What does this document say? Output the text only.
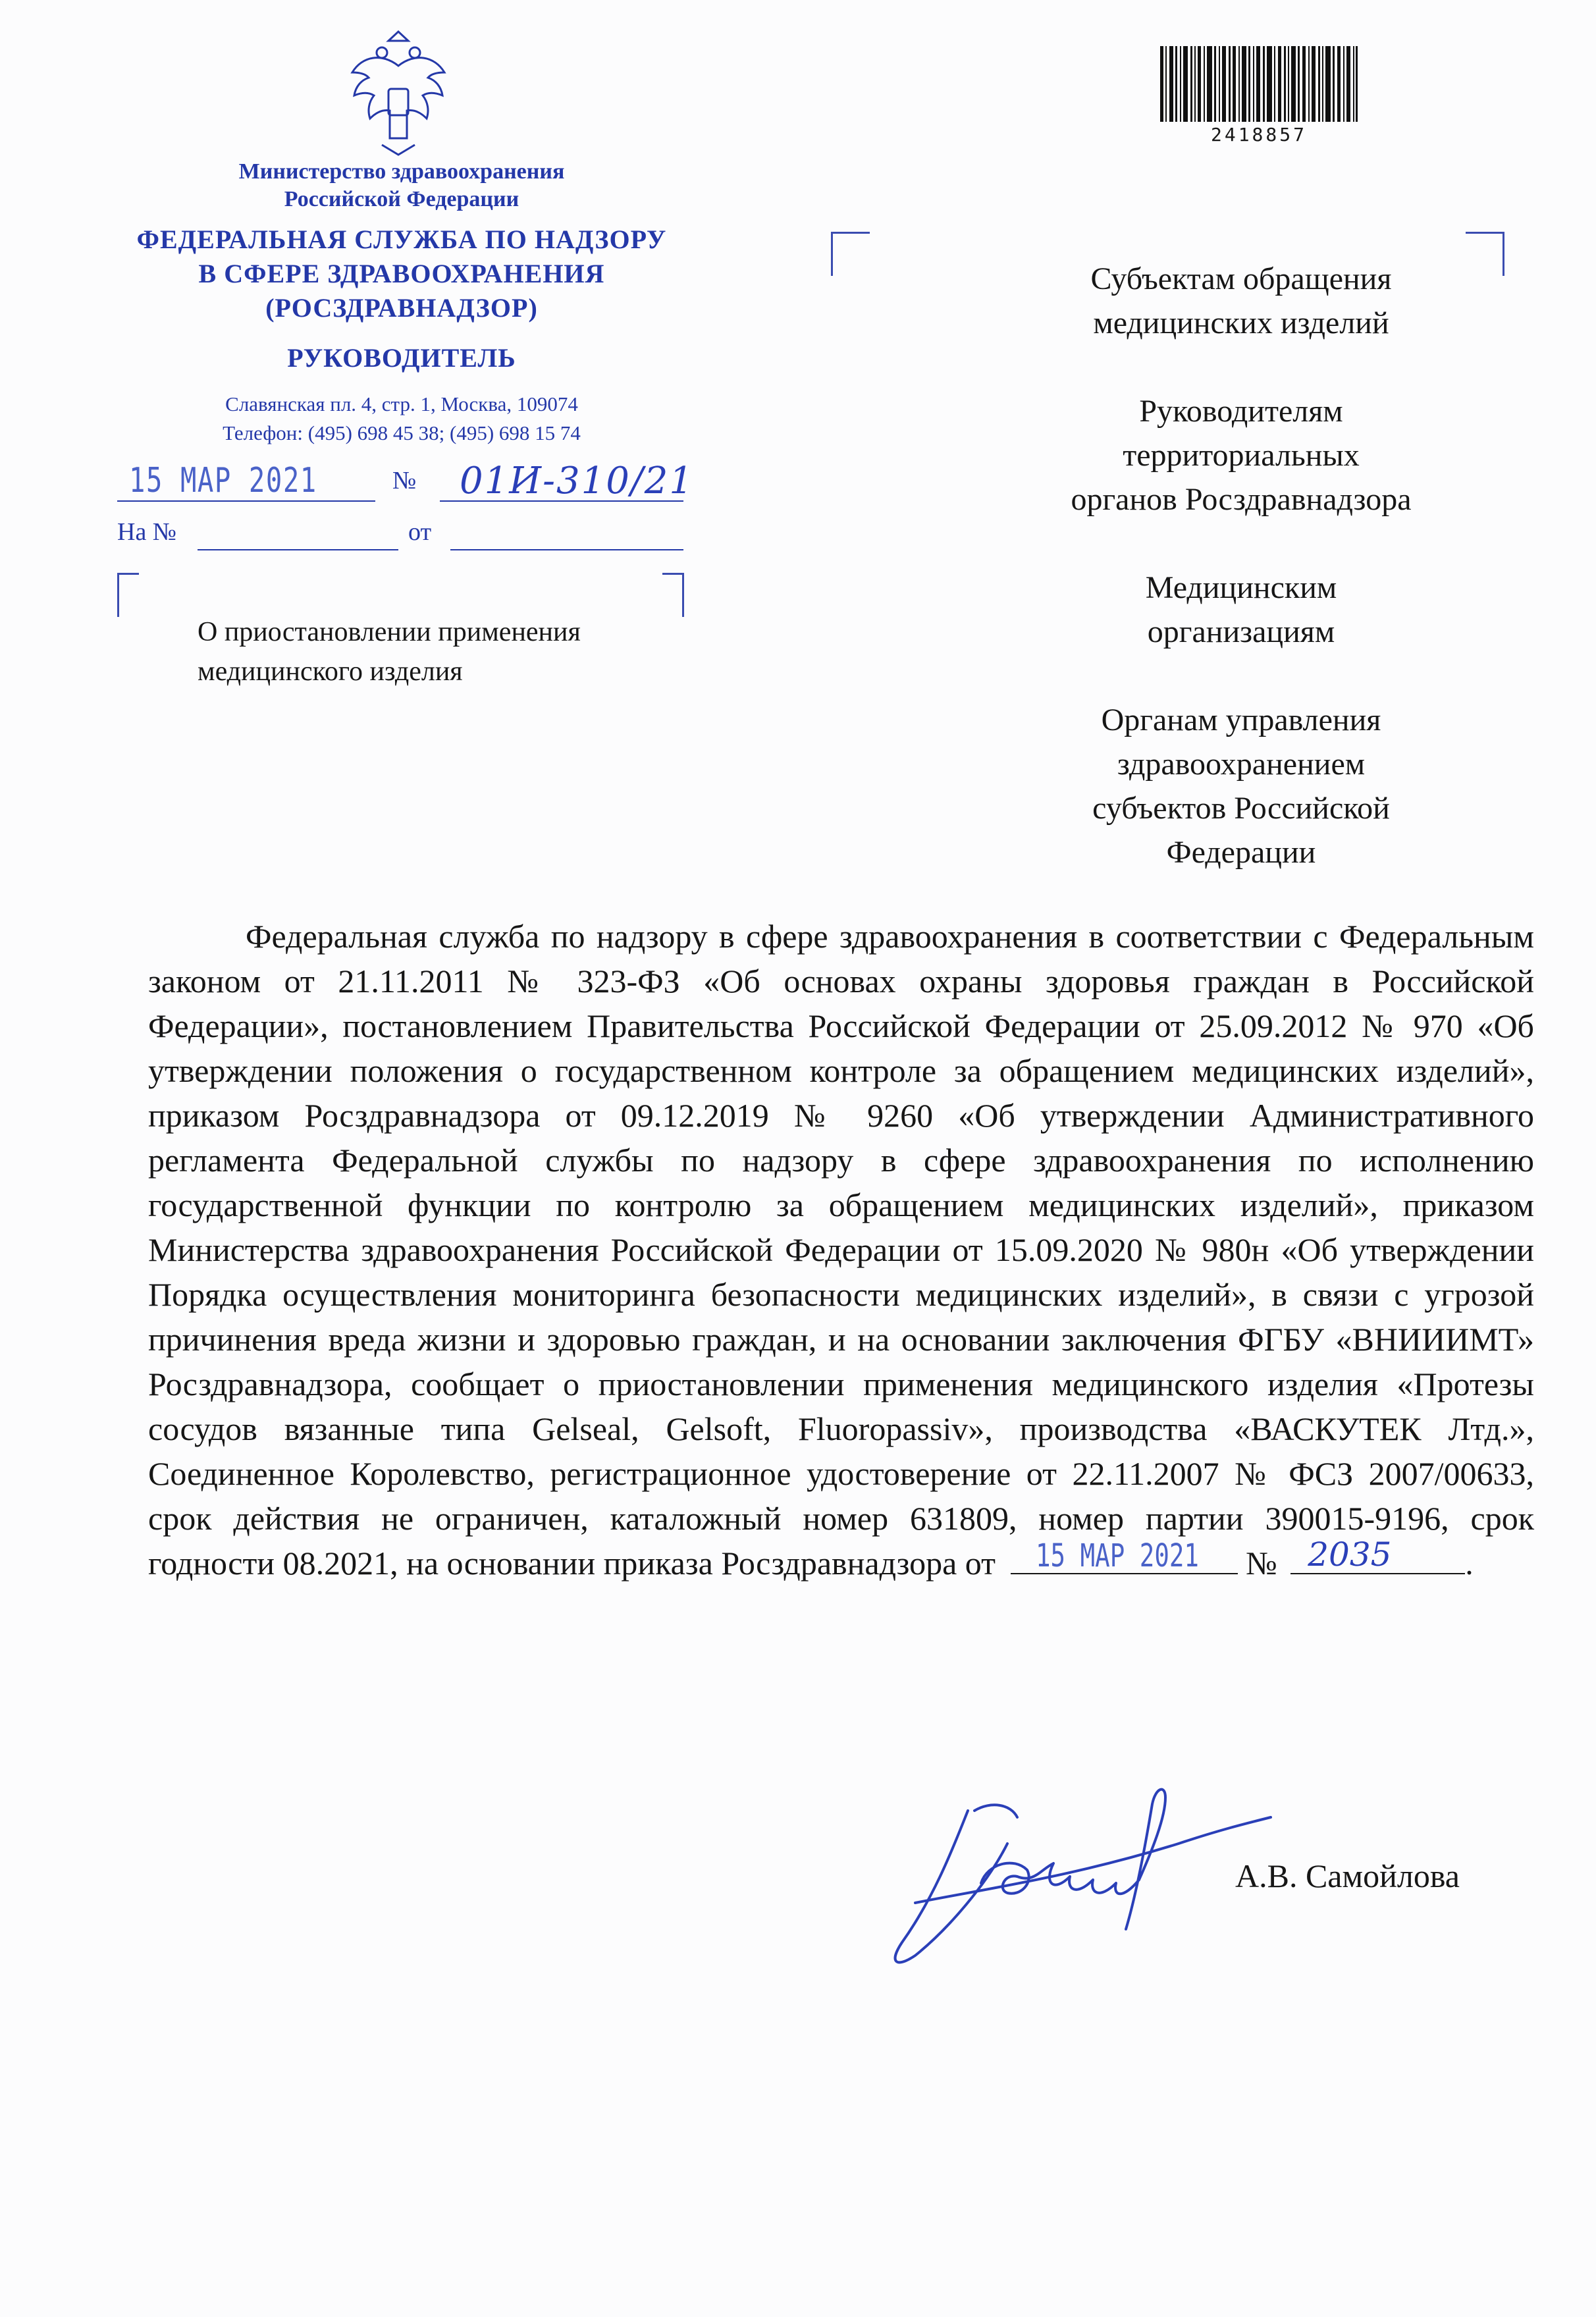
Министерство здравоохранения
Российской Федерации
ФЕДЕРАЛЬНАЯ СЛУЖБА ПО НАДЗОРУ
В СФЕРЕ ЗДРАВООХРАНЕНИЯ
(РОСЗДРАВНАДЗОР)
РУКОВОДИТЕЛЬ
Славянская пл. 4, стр. 1, Москва, 109074
Телефон: (495) 698 45 38; (495) 698 15 74
15 МАР 2021	№ 01И-310/21
На №	от
О приостановлении применения
медицинского изделия
2418857
Субъектам обращения
медицинских изделий
Руководителям
территориальных
органов Росздравнадзора
Медицинским
организациям
Органам управления
здравоохранением
субъектов Российской
Федерации
Федеральная служба по надзору в сфере здравоохранения в соответствии с Федеральным законом от 21.11.2011 № 323-ФЗ «Об основах охраны здоровья граждан в Российской Федерации», постановлением Правительства Российской Федерации от 25.09.2012 № 970 «Об утверждении положения о государственном контроле за обращением медицинских изделий», приказом Росздравнадзора от 09.12.2019 № 9260 «Об утверждении Административного регламента Федеральной службы по надзору в сфере здравоохранения по исполнению государственной функции по контролю за обращением медицинских изделий», приказом Министерства здравоохранения Российской Федерации от 15.09.2020 № 980н «Об утверждении Порядка осуществления мониторинга безопасности медицинских изделий», в связи с угрозой причинения вреда жизни и здоровью граждан, и на основании заключения ФГБУ «ВНИИИМТ» Росздравнадзора, сообщает о приостановлении применения медицинского изделия «Протезы сосудов вязанные типа Gelseal, Gelsoft, Fluoropassiv», производства «ВАСКУТЕК Лтд.», Соединенное Королевство, регистрационное удостоверение от 22.11.2007 № ФСЗ 2007/00633, срок действия не ограничен, каталожный номер 631809, номер партии 390015-9196, срок годности 08.2021, на основании приказа Росздравнадзора от 15 МАР 2021 № 2035 .
А.В. Самойлова
